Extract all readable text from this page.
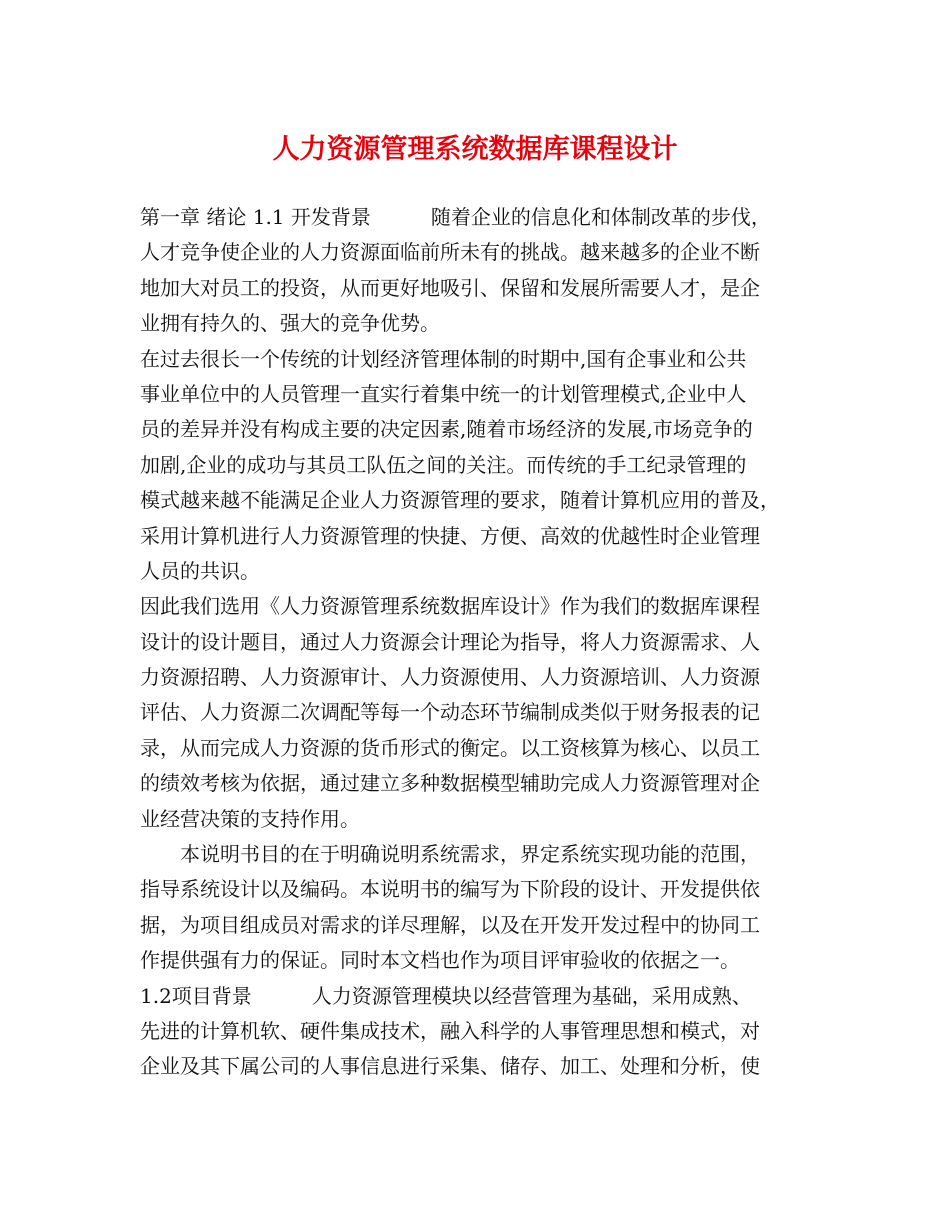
人力资源管理系统数据库课程设计
第一章 绪论 1.1 开发背景　　　随着企业的信息化和体制改革的步伐，
人才竞争使企业的人力资源面临前所未有的挑战。越来越多的企业不断
地加大对员工的投资，从而更好地吸引、保留和发展所需要人才，是企
业拥有持久的、强大的竞争优势。
在过去很长一个传统的计划经济管理体制的时期中,国有企事业和公共
事业单位中的人员管理一直实行着集中统一的计划管理模式,企业中人
员的差异并没有构成主要的决定因素,随着市场经济的发展,市场竞争的
加剧,企业的成功与其员工队伍之间的关注。而传统的手工纪录管理的
模式越来越不能满足企业人力资源管理的要求，随着计算机应用的普及，
采用计算机进行人力资源管理的快捷、方便、高效的优越性时企业管理
人员的共识。
因此我们选用《人力资源管理系统数据库设计》作为我们的数据库课程
设计的设计题目，通过人力资源会计理论为指导，将人力资源需求、人
力资源招聘、人力资源审计、人力资源使用、人力资源培训、人力资源
评估、人力资源二次调配等每一个动态环节编制成类似于财务报表的记
录，从而完成人力资源的货币形式的衡定。以工资核算为核心、以员工
的绩效考核为依据，通过建立多种数据模型辅助完成人力资源管理对企
业经营决策的支持作用。
　　本说明书目的在于明确说明系统需求，界定系统实现功能的范围，
指导系统设计以及编码。本说明书的编写为下阶段的设计、开发提供依
据，为项目组成员对需求的详尽理解，以及在开发开发过程中的协同工
作提供强有力的保证。同时本文档也作为项目评审验收的依据之一。
1.2项目背景　　　人力资源管理模块以经营管理为基础，采用成熟、
先进的计算机软、硬件集成技术，融入科学的人事管理思想和模式，对
企业及其下属公司的人事信息进行采集、储存、加工、处理和分析，使
